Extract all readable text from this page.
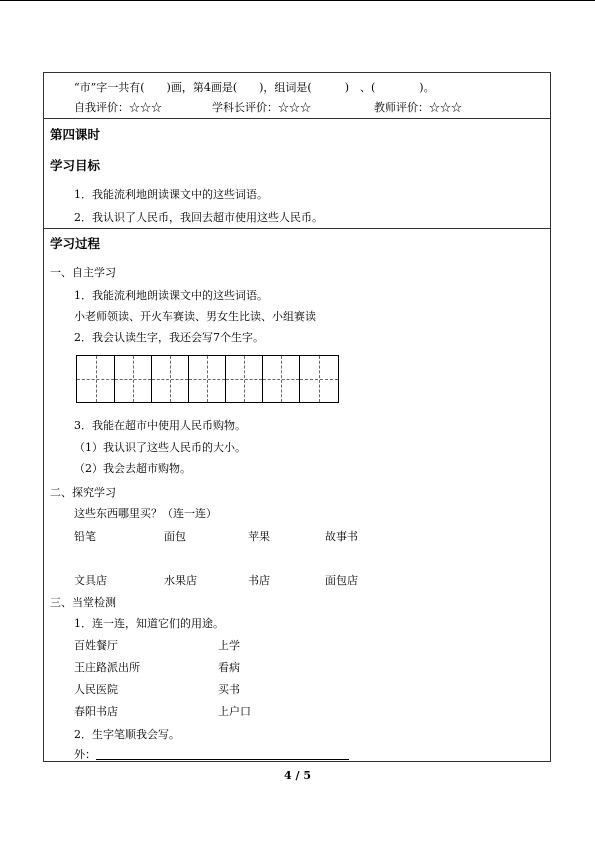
“市”字一共有(　　)画，第4画是(　　)，组词是(　　　)　、(　　　　)。
自我评价：☆☆☆	学科长评价：☆☆☆	教师评价：☆☆☆
第四课时
学习目标
1．我能流利地朗读课文中的这些词语。
2．我认识了人民币，我回去超市使用这些人民币。
学习过程
一、自主学习
1．我能流利地朗读课文中的这些词语。
小老师领读、开火车赛读、男女生比读、小组赛读
2．我会认读生字，我还会写7个生字。
3．我能在超市中使用人民币购物。
（1）我认识了这些人民币的大小。
（2）我会去超市购物。
二、探究学习
这些东西哪里买？（连一连）
铅笔	面包	苹果	故事书
文具店	水果店	书店	面包店
三、当堂检测
1．连一连，知道它们的用途。
百姓餐厅	上学
王庄路派出所	看病
人民医院	买书
春阳书店	上户口
2．生字笔顺我会写。
外：
4 / 5
